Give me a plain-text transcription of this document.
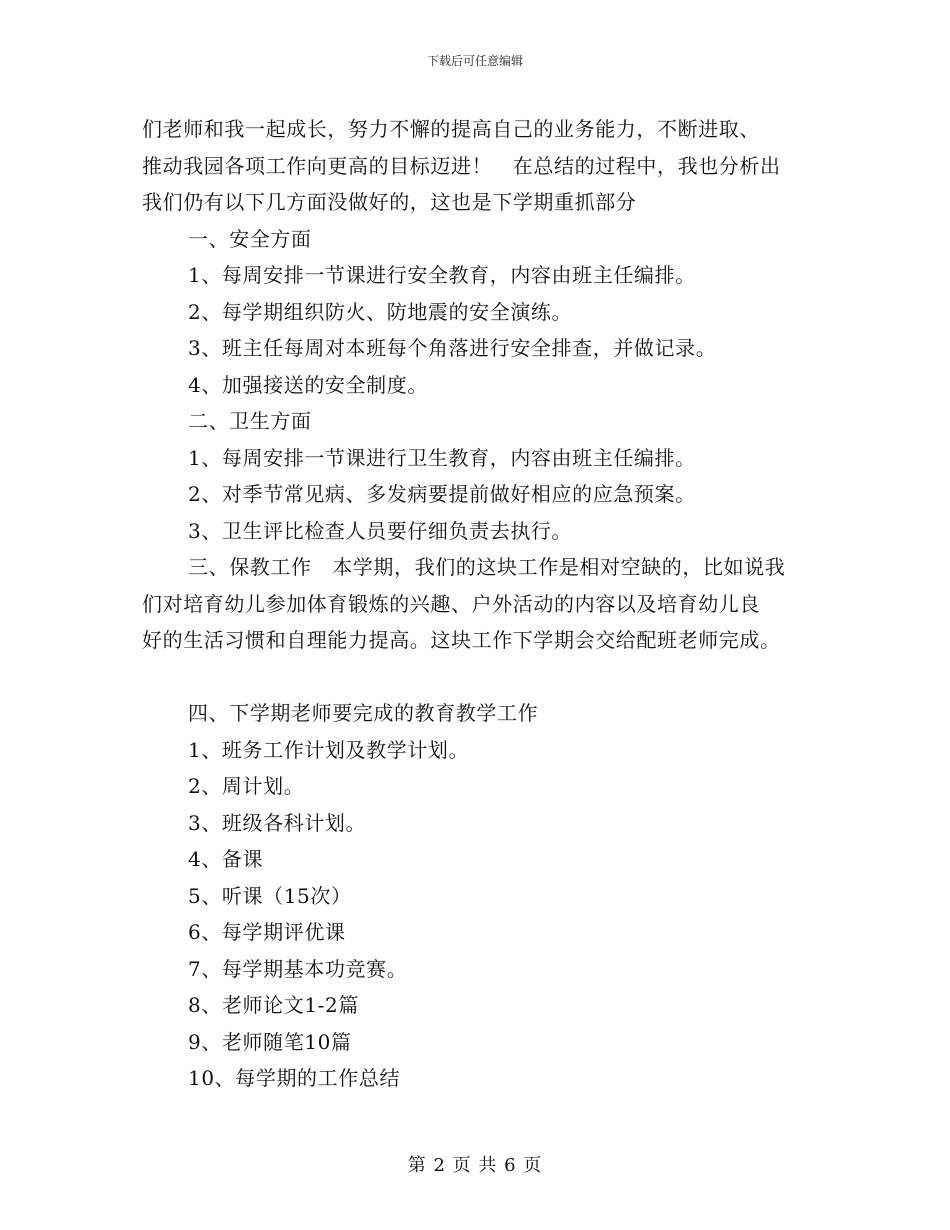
下载后可任意编辑
们老师和我一起成长，努力不懈的提高自己的业务能力，不断进取、
推动我园各项工作向更高的目标迈进！　在总结的过程中，我也分析出
我们仍有以下几方面没做好的，这也是下学期重抓部分
一、安全方面
1、每周安排一节课进行安全教育，内容由班主任编排。
2、每学期组织防火、防地震的安全演练。
3、班主任每周对本班每个角落进行安全排查，并做记录。
4、加强接送的安全制度。
二、卫生方面
1、每周安排一节课进行卫生教育，内容由班主任编排。
2、对季节常见病、多发病要提前做好相应的应急预案。
3、卫生评比检查人员要仔细负责去执行。
三、保教工作　本学期，我们的这块工作是相对空缺的，比如说我
们对培育幼儿参加体育锻炼的兴趣、户外活动的内容以及培育幼儿良
好的生活习惯和自理能力提高。这块工作下学期会交给配班老师完成。
四、下学期老师要完成的教育教学工作
1、班务工作计划及教学计划。
2、周计划。
3、班级各科计划。
4、备课
5、听课（15次）
6、每学期评优课
7、每学期基本功竞赛。
8、老师论文1-2篇
9、老师随笔10篇
10、每学期的工作总结
第 2 页 共 6 页
